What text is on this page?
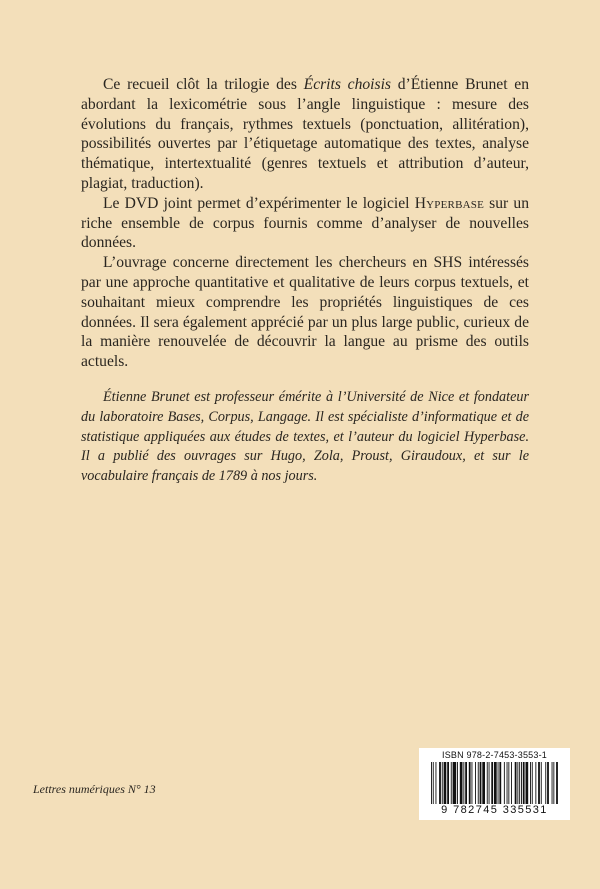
Ce recueil clôt la trilogie des Écrits choisis d’Étienne Brunet en abordant la lexicométrie sous l’angle linguistique : mesure des évolutions du français, rythmes textuels (ponctuation, allitération), possibilités ouvertes par l’étiquetage automatique des textes, analyse thématique, intertextualité (genres textuels et attribution d’auteur, plagiat, traduction).

Le DVD joint permet d’expérimenter le logiciel Hyperbase sur un riche ensemble de corpus fournis comme d’analyser de nouvelles données.

L’ouvrage concerne directement les chercheurs en SHS intéressés par une approche quantitative et qualitative de leurs corpus textuels, et souhaitant mieux comprendre les propriétés linguistiques de ces données. Il sera également apprécié par un plus large public, curieux de la manière renouvelée de découvrir la langue au prisme des outils actuels.

Étienne Brunet est professeur émérite à l’Université de Nice et fondateur du laboratoire Bases, Corpus, Langage. Il est spécialiste d’informatique et de statistique appliquées aux études de textes, et l’auteur du logiciel Hyperbase. Il a publié des ouvrages sur Hugo, Zola, Proust, Giraudoux, et sur le vocabulaire français de 1789 à nos jours.

Lettres numériques N° 13

ISBN 978-2-7453-3553-1
9 782745 335531
